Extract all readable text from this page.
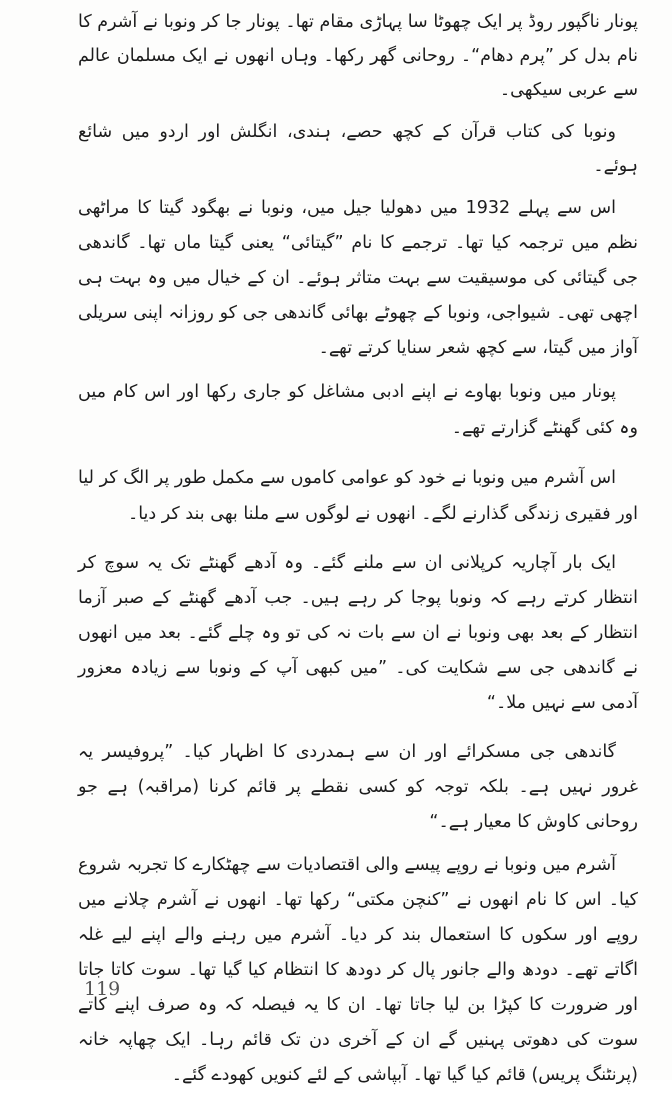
پونار ناگپور روڈ پر ایک چھوٹا سا پہاڑی مقام تھا۔ پونار جا کر ونوبا نے آشرم کا نام بدل کر ”پرم دھام“۔ روحانی گھر رکھا۔ وہاں انھوں نے ایک مسلمان عالم سے عربی سیکھی۔

ونوبا کی کتاب قرآن کے کچھ حصے، ہندی، انگلش اور اردو میں شائع ہوئے۔

اس سے پہلے 1932 میں دھولیا جیل میں، ونوبا نے بھگود گیتا کا مراٹھی نظم میں ترجمہ کیا تھا۔ ترجمے کا نام ”گیتائی“ یعنی گیتا ماں تھا۔ گاندھی جی گیتائی کی موسیقیت سے بہت متاثر ہوئے۔ ان کے خیال میں وہ بہت ہی اچھی تھی۔ شیواجی، ونوبا کے چھوٹے بھائی گاندھی جی کو روزانہ اپنی سریلی آواز میں گیتا، سے کچھ شعر سنایا کرتے تھے۔

پونار میں ونوبا بھاوے نے اپنے ادبی مشاغل کو جاری رکھا اور اس کام میں وہ کئی گھنٹے گزارتے تھے۔

اس آشرم میں ونوبا نے خود کو عوامی کاموں سے مکمل طور پر الگ کر لیا اور فقیری زندگی گذارنے لگے۔ انھوں نے لوگوں سے ملنا بھی بند کر دیا۔

ایک بار آچاریہ کرپلانی ان سے ملنے گئے۔ وہ آدھے گھنٹے تک یہ سوچ کر انتظار کرتے رہے کہ ونوبا پوجا کر رہے ہیں۔ جب آدھے گھنٹے کے صبر آزما انتظار کے بعد بھی ونوبا نے ان سے بات نہ کی تو وہ چلے گئے۔ بعد میں انھوں نے گاندھی جی سے شکایت کی۔ ”میں کبھی آپ کے ونوبا سے زیادہ معزور آدمی سے نہیں ملا۔“

گاندھی جی مسکرائے اور ان سے ہمدردی کا اظہار کیا۔ ”پروفیسر یہ غرور نہیں ہے۔ بلکہ توجہ کو کسی نقطے پر قائم کرنا (مراقبہ) ہے جو روحانی کاوش کا معیار ہے۔“

آشرم میں ونوبا نے روپے پیسے والی اقتصادیات سے چھٹکارے کا تجربہ شروع کیا۔ اس کا نام انھوں نے ”کنچن مکتی“ رکھا تھا۔ انھوں نے آشرم چلانے میں روپے اور سکوں کا استعمال بند کر دیا۔ آشرم میں رہنے والے اپنے لیے غلہ اگاتے تھے۔ دودھ والے جانور پال کر دودھ کا انتظام کیا گیا تھا۔ سوت کاتا جاتا اور ضرورت کا کپڑا بن لیا جاتا تھا۔ ان کا یہ فیصلہ کہ وہ صرف اپنے کاتے سوت کی دھوتی پہنیں گے ان کے آخری دن تک قائم رہا۔ ایک چھاپہ خانہ (پرنٹنگ پریس) قائم کیا گیا تھا۔ آبپاشی کے لئے کنویں کھودے گئے۔

119
